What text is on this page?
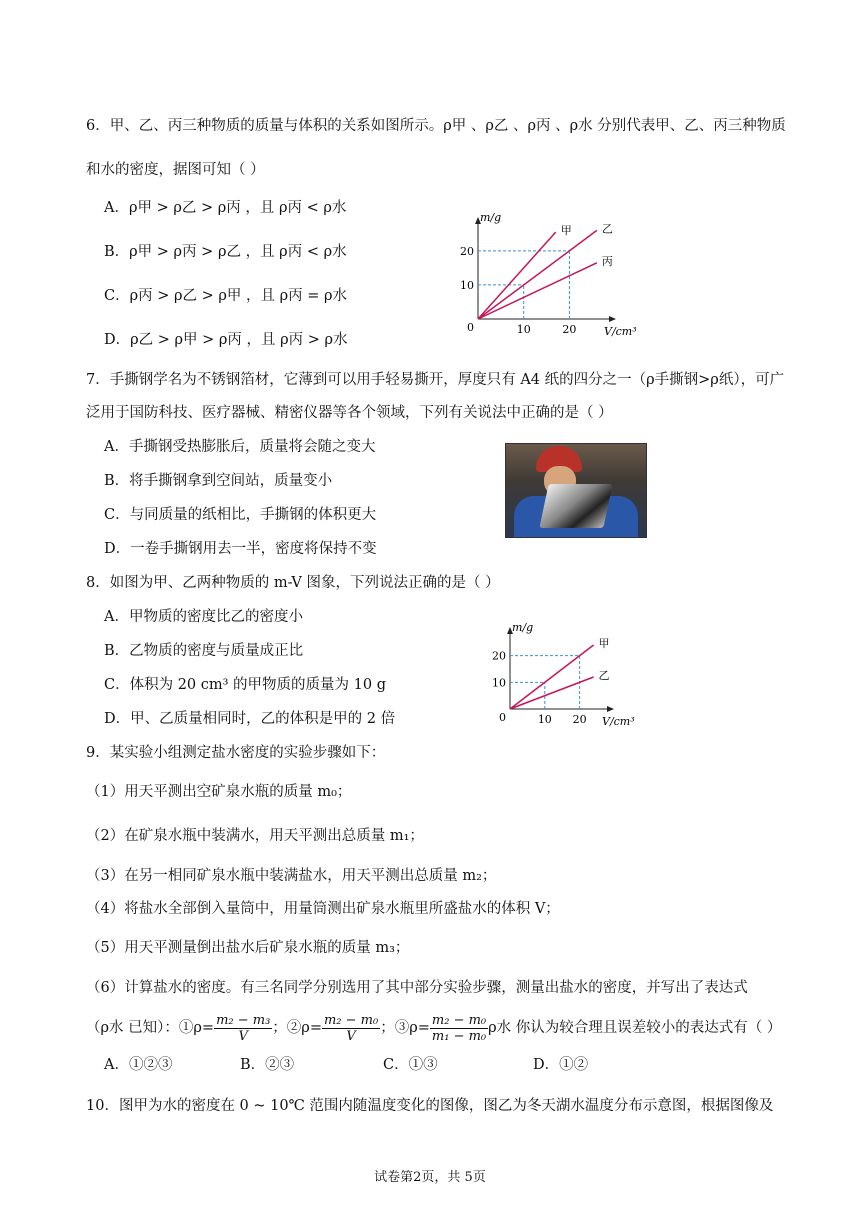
6．甲、乙、丙三种物质的质量与体积的关系如图所示。ρ甲 、ρ乙 、ρ丙 、ρ水 分别代表甲、乙、丙三种物质
和水的密度，据图可知（ ）
A．ρ甲 > ρ乙 > ρ丙 ，且 ρ丙 < ρ水
B．ρ甲 > ρ丙 > ρ乙 ，且 ρ丙 < ρ水
C．ρ丙 > ρ乙 > ρ甲 ，且 ρ丙 = ρ水
D．ρ乙 > ρ甲 > ρ丙 ，且 ρ丙 > ρ水
10	20
10
20
0
甲	乙
丙
m/g
V/cm³
7．手撕钢学名为不锈钢箔材，它薄到可以用手轻易撕开，厚度只有 A4 纸的四分之一（ρ手撕钢>ρ纸），可广
泛用于国防科技、医疗器械、精密仪器等各个领域，下列有关说法中正确的是（ ）
A．手撕钢受热膨胀后，质量将会随之变大
B．将手撕钢拿到空间站，质量变小
C．与同质量的纸相比，手撕钢的体积更大
D．一卷手撕钢用去一半，密度将保持不变
8．如图为甲、乙两种物质的 m-V 图象，下列说法正确的是（ ）
A．甲物质的密度比乙的密度小
B．乙物质的密度与质量成正比
C．体积为 20 cm³ 的甲物质的质量为 10 g
D．甲、乙质量相同时，乙的体积是甲的 2 倍	10 20
10
20
0
甲
乙
m/g
V/cm³
9．某实验小组测定盐水密度的实验步骤如下：
（1）用天平测出空矿泉水瓶的质量 m₀；
（2）在矿泉水瓶中装满水，用天平测出总质量 m₁；
（3）在另一相同矿泉水瓶中装满盐水，用天平测出总质量 m₂；
（4）将盐水全部倒入量筒中，用量筒测出矿泉水瓶里所盛盐水的体积 V；
（5）用天平测量倒出盐水后矿泉水瓶的质量 m₃；
（6）计算盐水的密度。有三名同学分别选用了其中部分实验步骤，测量出盐水的密度，并写出了表达式
（ρ水 已知）：①ρ= $\frac{\text{m₂ − m₃}}{V}$ ；②ρ= $\frac{\text{m₂ − m₀}}{V}$ ；③ρ= $\frac{\text{m₂ − m₀}}{\text{m₁ − m₀}}$ ρ水 你认为较合理且误差较小的表达式有（ ）
A．①②③	B．②③	C．①③	D．①②
10．图甲为水的密度在 0 ~ 10℃ 范围内随温度变化的图像，图乙为冬天湖水温度分布示意图，根据图像及
试卷第2页，共 5页
